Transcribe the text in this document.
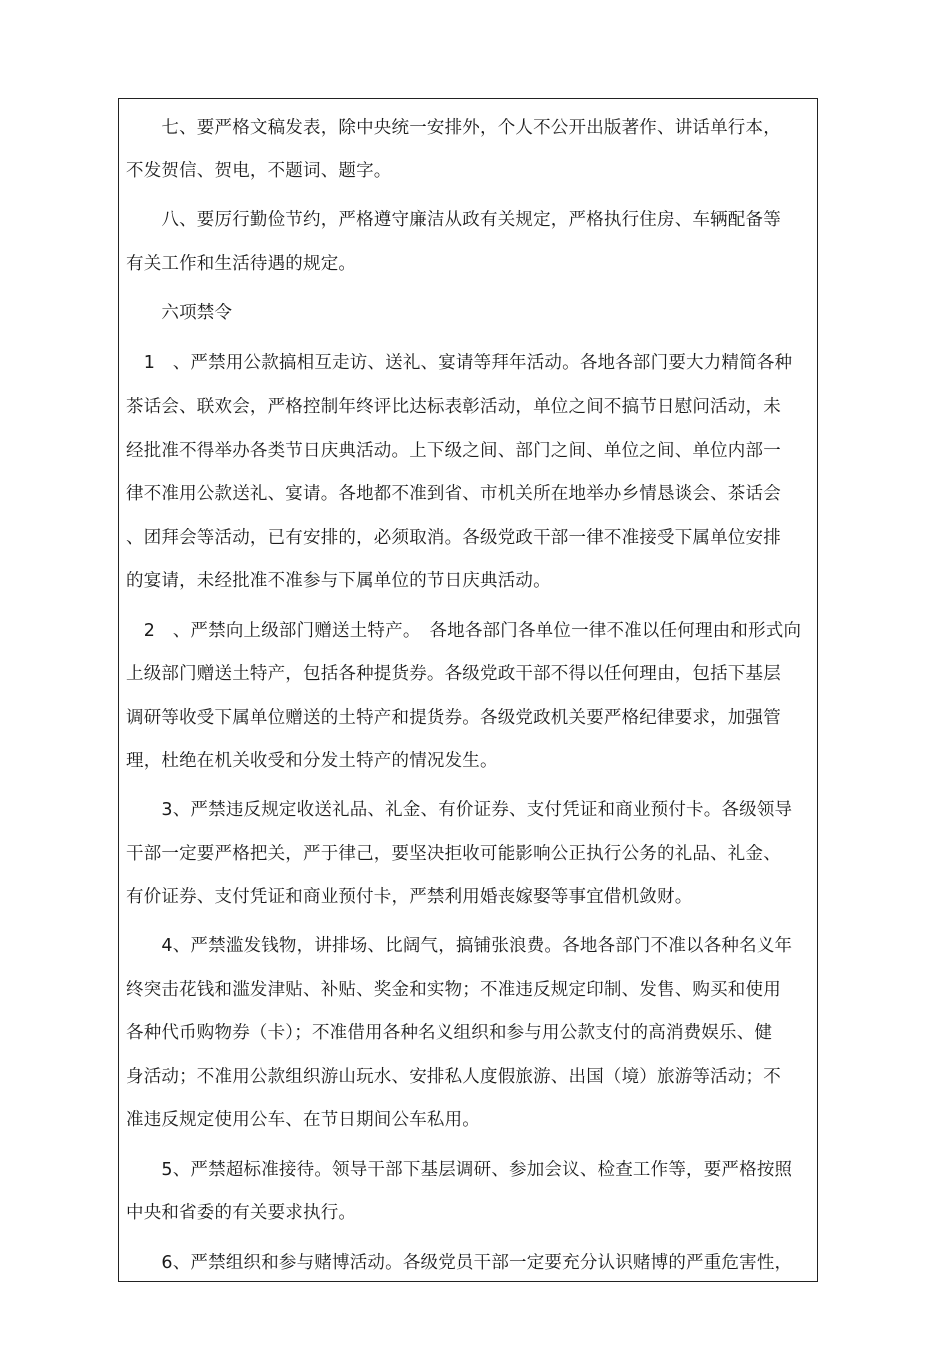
　　七、要严格文稿发表，除中央统一安排外，个人不公开出版著作、讲话单行本，
不发贺信、贺电，不题词、题字。
　　八、要厉行勤俭节约，严格遵守廉洁从政有关规定，严格执行住房、车辆配备等
有关工作和生活待遇的规定。
　　六项禁令
　1　、严禁用公款搞相互走访、送礼、宴请等拜年活动。各地各部门要大力精简各种
茶话会、联欢会，严格控制年终评比达标表彰活动，单位之间不搞节日慰问活动，未
经批准不得举办各类节日庆典活动。上下级之间、部门之间、单位之间、单位内部一
律不准用公款送礼、宴请。各地都不准到省、市机关所在地举办乡情恳谈会、茶话会
、团拜会等活动，已有安排的，必须取消。各级党政干部一律不准接受下属单位安排
的宴请，未经批准不准参与下属单位的节日庆典活动。
　2　、严禁向上级部门赠送土特产。　各地各部门各单位一律不准以任何理由和形式向
上级部门赠送土特产，包括各种提货券。各级党政干部不得以任何理由，包括下基层
调研等收受下属单位赠送的土特产和提货券。各级党政机关要严格纪律要求，加强管
理，杜绝在机关收受和分发土特产的情况发生。
　　3、严禁违反规定收送礼品、礼金、有价证券、支付凭证和商业预付卡。各级领导
干部一定要严格把关，严于律己，要坚决拒收可能影响公正执行公务的礼品、礼金、
有价证券、支付凭证和商业预付卡，严禁利用婚丧嫁娶等事宜借机敛财。
　　4、严禁滥发钱物，讲排场、比阔气，搞铺张浪费。各地各部门不准以各种名义年
终突击花钱和滥发津贴、补贴、奖金和实物；不准违反规定印制、发售、购买和使用
各种代币购物券（卡）；不准借用各种名义组织和参与用公款支付的高消费娱乐、健
身活动；不准用公款组织游山玩水、安排私人度假旅游、出国（境）旅游等活动；不
准违反规定使用公车、在节日期间公车私用。
　　5、严禁超标准接待。领导干部下基层调研、参加会议、检查工作等，要严格按照
中央和省委的有关要求执行。
　　6、严禁组织和参与赌博活动。各级党员干部一定要充分认识赌博的严重危害性，
